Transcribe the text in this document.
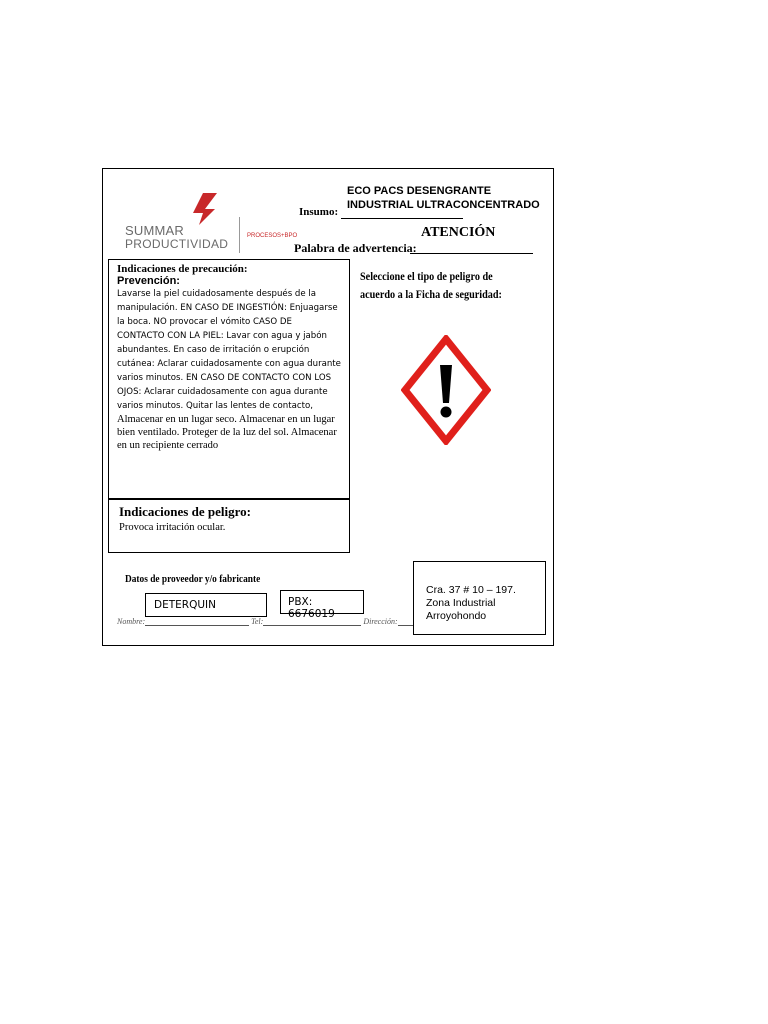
SUMMAR
PRODUCTIVIDAD
PROCESOS+BPO
ECO PACS DESENGRANTE
INDUSTRIAL ULTRACONCENTRADO
Insumo:
ATENCIÓN
Palabra de advertencia:
Indicaciones de precaución:
Prevención:
Lavarse la piel cuidadosamente después de la manipulación. EN CASO DE INGESTIÓN: Enjuagarse la boca. NO provocar el vómito CASO DE CONTACTO CON LA PIEL: Lavar con agua y jabón abundantes. En caso de irritación o erupción cutánea: Aclarar cuidadosamente con agua durante varios minutos. EN CASO DE CONTACTO CON LOS OJOS: Aclarar cuidadosamente con agua durante varios minutos. Quitar las lentes de contacto,
Almacenar en un lugar seco. Almacenar en un lugar bien ventilado. Proteger de la luz del sol. Almacenar en un recipiente cerrado
Indicaciones de peligro:
Provoca irritación ocular.
Seleccione el tipo de peligro de acuerdo a la Ficha de seguridad:
Datos de proveedor y/o fabricante
Nombre:	Tel:	Dirección:
DETERQUIN	PBX: 6676019
Cra. 37 # 10 – 197. Zona Industrial Arroyohondo
